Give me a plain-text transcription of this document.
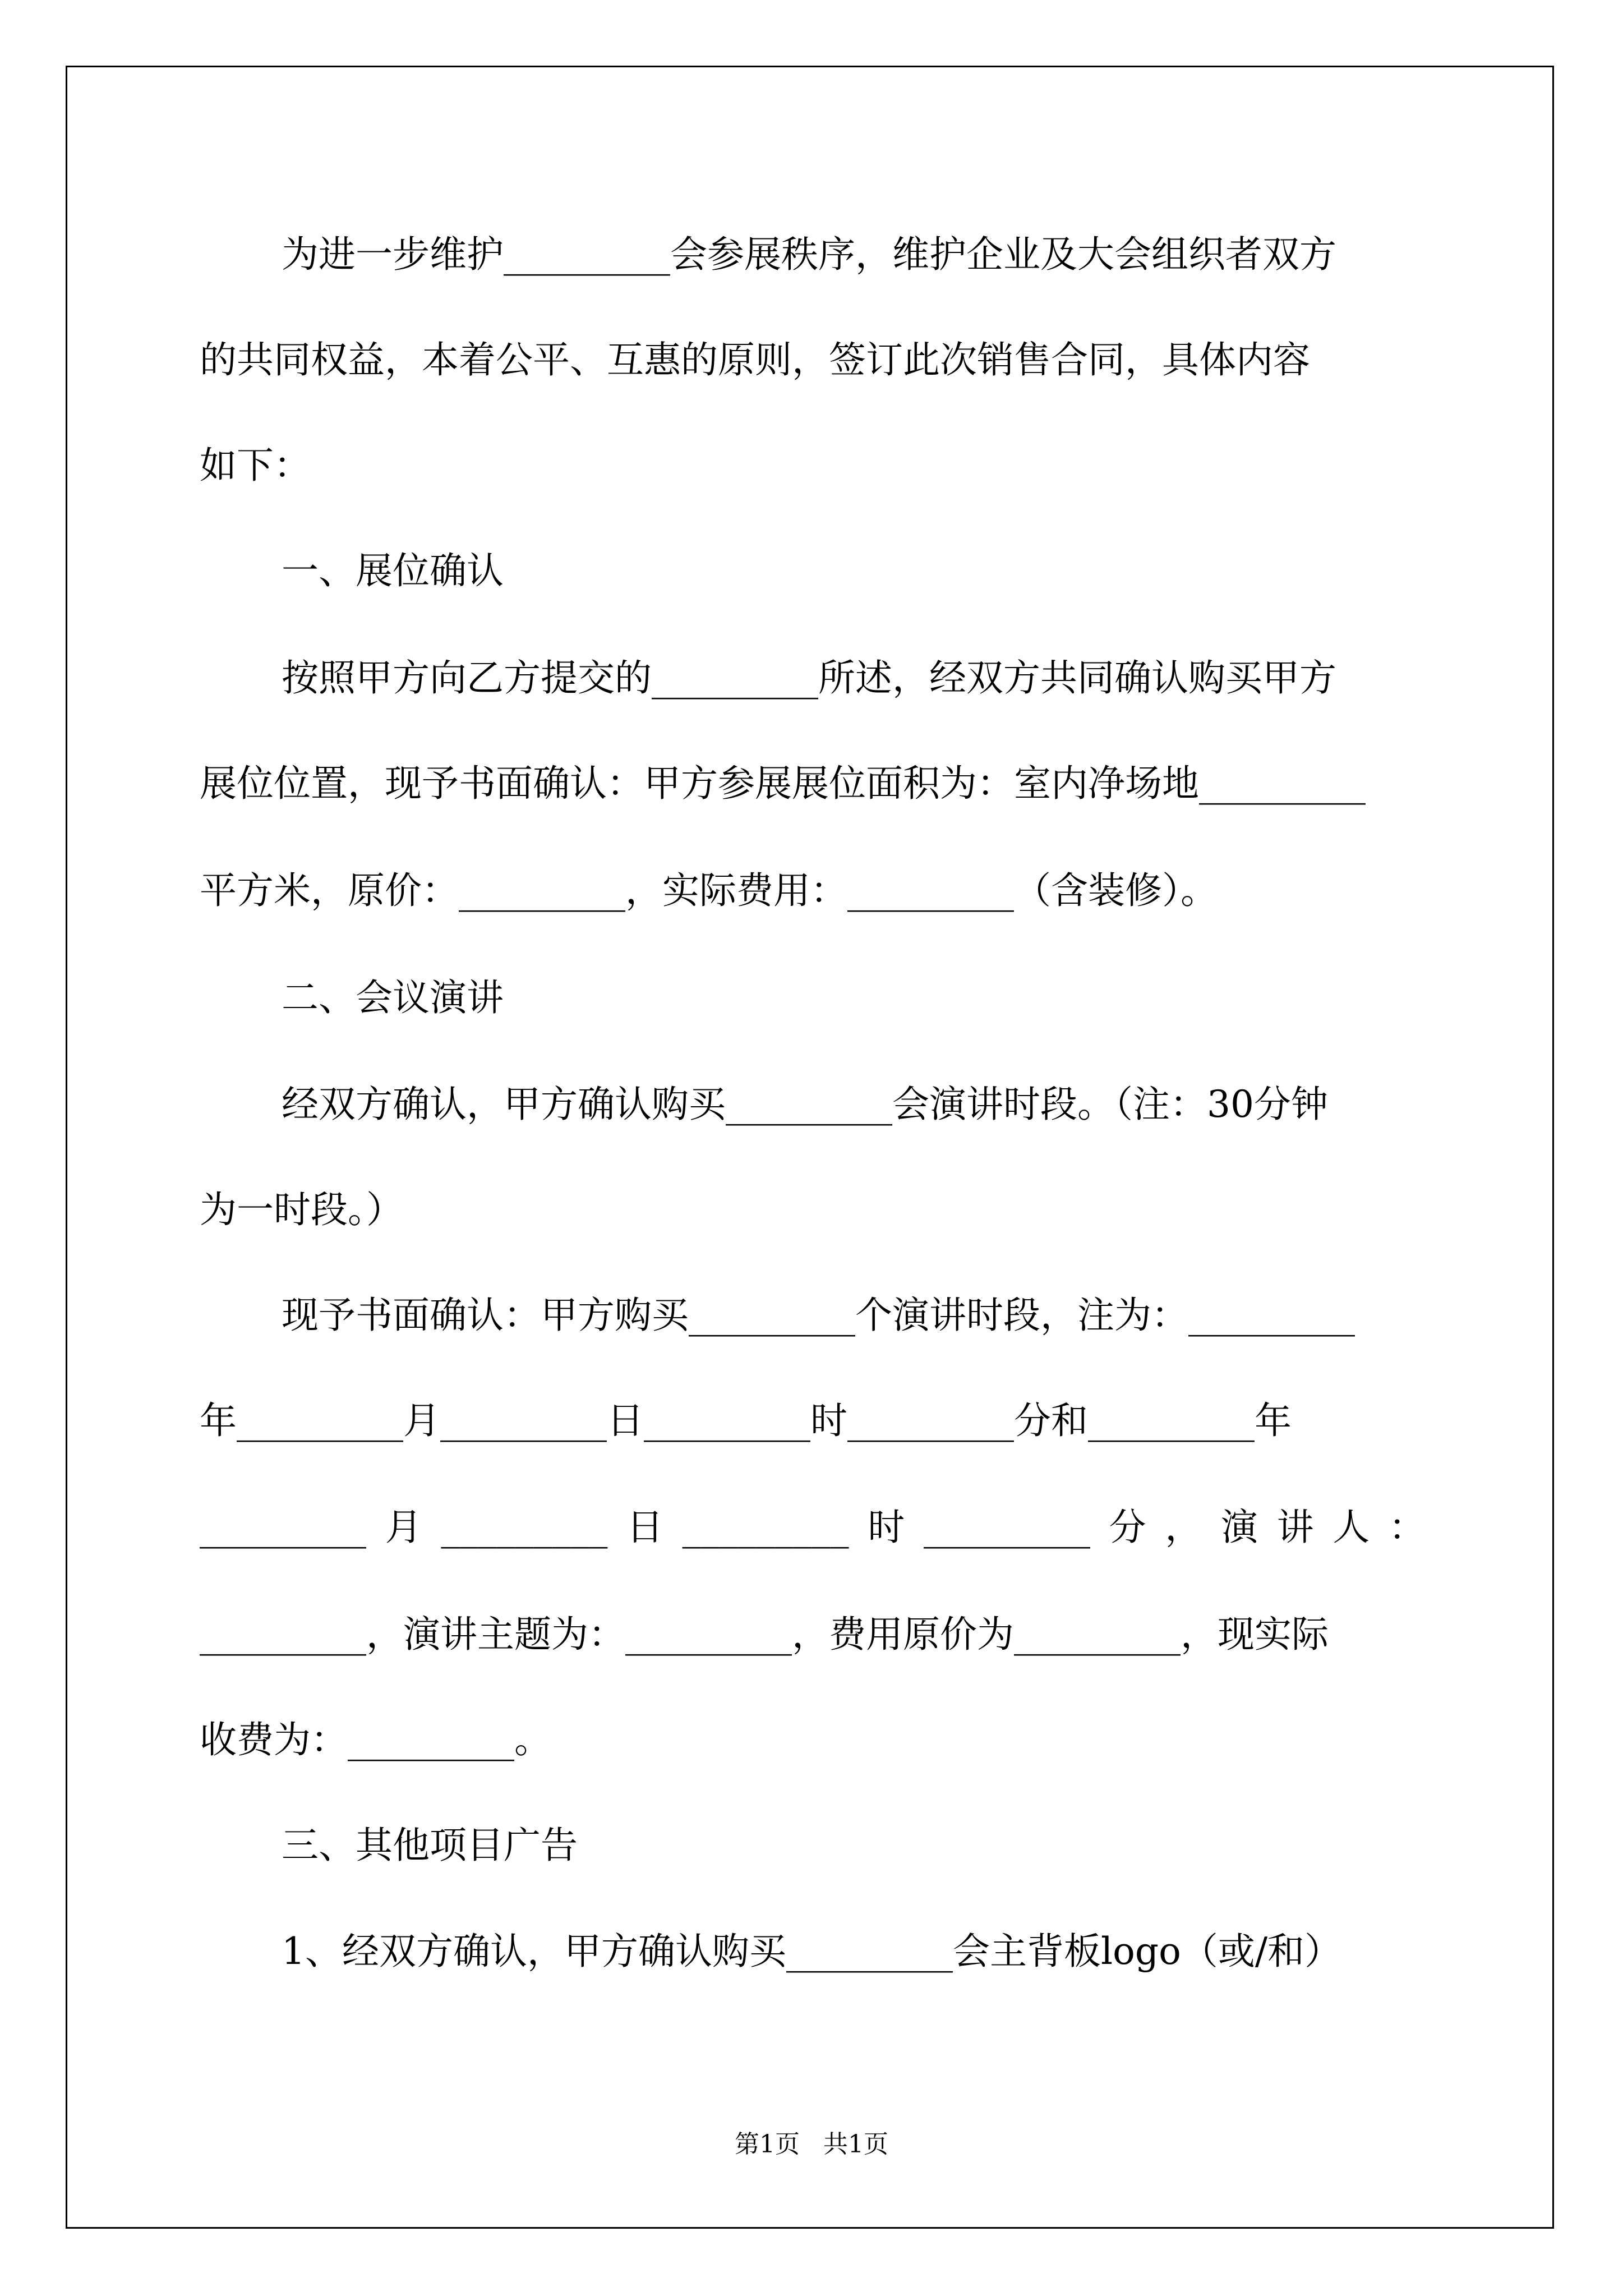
为进一步维护_________会参展秩序，维护企业及大会组织者双方
的共同权益，本着公平、互惠的原则，签订此次销售合同，具体内容
如下：
一、展位确认
按照甲方向乙方提交的_________所述，经双方共同确认购买甲方
展位位置，现予书面确认：甲方参展展位面积为：室内净场地_________
平方米，原价：_________，实际费用：_________（含装修）。
二、会议演讲
经双方确认，甲方确认购买_________会演讲时段。（注：30分钟
为一时段。）
现予书面确认：甲方购买_________个演讲时段，注为：_________
年_________月_________日_________时_________分和_________年
_________月_________日_________时_________分，演讲人：
_________，演讲主题为：_________，费用原价为_________，现实际
收费为：_________。
三、其他项目广告
1、经双方确认，甲方确认购买_________会主背板logo（或/和）
第1页   共1页
